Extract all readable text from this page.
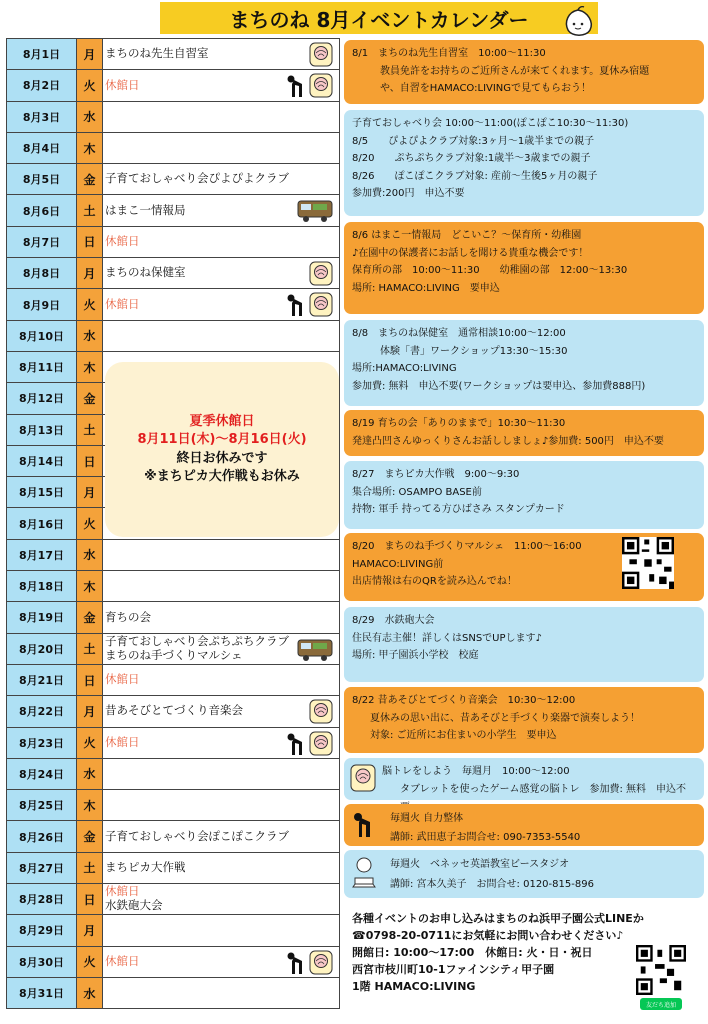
まちのね 8月イベントカレンダー
8月1日	月 まちのね先生自習室
8月2日	火 休館日
8月3日	水
8月4日	木
8月5日	金 子育ておしゃべり会ぴよぴよクラブ
8月6日	土 はまこ一情報局
8月7日	日 休館日
8月8日	月 まちのね保健室
8月9日	火 休館日
8月10日	水
8月11日	木
8月12日	金
8月13日	土
8月14日	日
8月15日	月
8月16日	火
8月17日	水
8月18日	木
8月19日	金 育ちの会
8月20日	土
子育ておしゃべり会ぷちぷちクラブ
まちのね手づくりマルシェ
8月21日	日 休館日
8月22日	月 昔あそびとてづくり音楽会
8月23日	火 休館日
8月24日	水
8月25日	木
8月26日	金 子育ておしゃべり会ぽこぽこクラブ
8月27日	土 まちピカ大作戦
8月28日	日
休館日
水鉄砲大会
8月29日	月
8月30日	火 休館日
8月31日	水
夏季休館日
8月11日(木)～8月16日(火)
終日お休みです
※まちピカ大作戦もお休み
8/1　まちのね先生自習室　10:00～11:30
教員免許をお持ちのご近所さんが来てくれます。夏休み宿題
や、自習をHAMACO:LIVINGで見てもらおう！
子育ておしゃべり会 10:00～11:00(ぽこぽこ10:30～11:30)
8/5　　ぴよぴよクラブ対象:3ヶ月～1歳半までの親子
8/20　　ぷちぷちクラブ対象:1歳半～3歳までの親子
8/26　　ぽこぽこクラブ対象: 産前～生後5ヶ月の親子
参加費:200円　申込不要
8/6 はまこ一情報局　どこいこ？～保育所・幼稚園
♪在園中の保護者にお話しを聞ける貴重な機会です！
保育所の部　10:00～11:30　　幼稚園の部　12:00～13:30
場所: HAMACO:LIVING　要申込
8/8　まちのね保健室　通常相談10:00～12:00
体験「書」ワークショップ13:30～15:30
場所:HAMACO:LIVING
参加費: 無料　申込不要(ワークショップは要申込、参加費888円)
8/19 育ちの会「ありのままで」10:30～11:30
発達凸凹さんゆっくりさんお話ししましょ♪参加費: 500円　申込不要
8/27　まちピカ大作戦　9:00～9:30
集合場所: OSAMPO BASE前
持物: 軍手 持ってる方ひばさみ スタンプカード
8/20　まちのね手づくりマルシェ　11:00～16:00
HAMACO:LIVING前
出店情報は右のQRを読み込んでね！
8/29　水鉄砲大会
住民有志主催！詳しくはSNSでUPします♪
場所: 甲子園浜小学校　校庭
8/22 昔あそびとてづくり音楽会　10:30～12:00
夏休みの思い出に、昔あそびと手づくり楽器で演奏しよう！
対象: ご近所にお住まいの小学生　要申込
脳トレをしよう　毎週月　10:00～12:00
タブレットを使ったゲーム感覚の脳トレ　参加費: 無料　申込不
毎週火 自力整体
講師: 武田恵子お問合せ: 090-7353-5540
毎週火　ベネッセ英語教室ビースタジオ
講師: 宮本久美子　お問合せ: 0120-815-896
各種イベントのお申し込みはまちのね浜甲子園公式LINEか
☎0798-20-0711にお気軽にお問い合わせください♪
開館日: 10:00～17:00　休館日: 火・日・祝日
西宮市枝川町10-1ファインシティ甲子園
1階 HAMACO:LIVING
友だち追加
